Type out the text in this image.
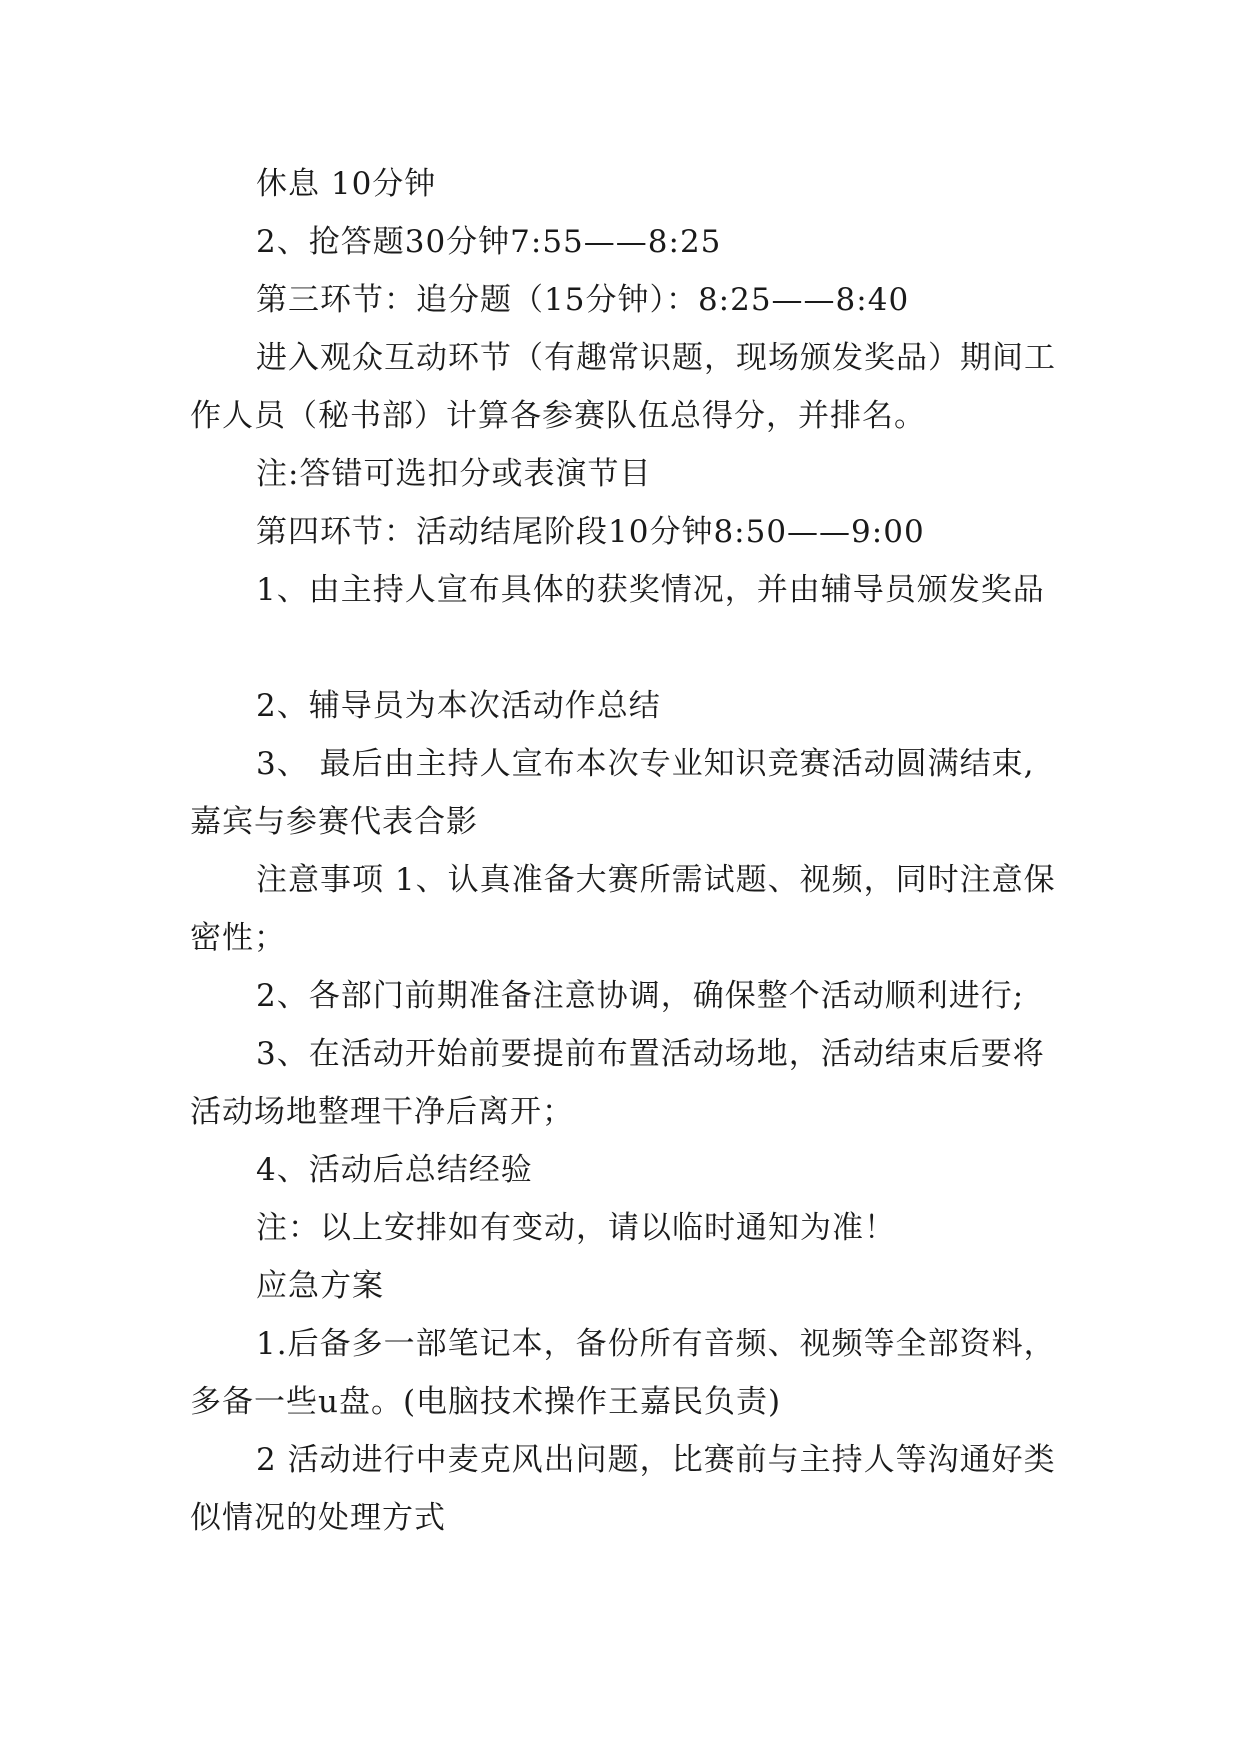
休息 10分钟

2、抢答题30分钟7:55——8:25

第三环节：追分题（15分钟）：8:25——8:40

进入观众互动环节（有趣常识题，现场颁发奖品）期间工作人员（秘书部）计算各参赛队伍总得分，并排名。

注:答错可选扣分或表演节目

第四环节：活动结尾阶段10分钟8:50——9:00

1、由主持人宣布具体的获奖情况，并由辅导员颁发奖品

2、辅导员为本次活动作总结

3、 最后由主持人宣布本次专业知识竞赛活动圆满结束,嘉宾与参赛代表合影

注意事项 1、认真准备大赛所需试题、视频，同时注意保密性；

2、各部门前期准备注意协调，确保整个活动顺利进行;

3、在活动开始前要提前布置活动场地，活动结束后要将活动场地整理干净后离开；

4、活动后总结经验

注：以上安排如有变动，请以临时通知为准！

应急方案

1.后备多一部笔记本，备份所有音频、视频等全部资料，多备一些u盘。(电脑技术操作王嘉民负责)

2 活动进行中麦克风出问题，比赛前与主持人等沟通好类似情况的处理方式
